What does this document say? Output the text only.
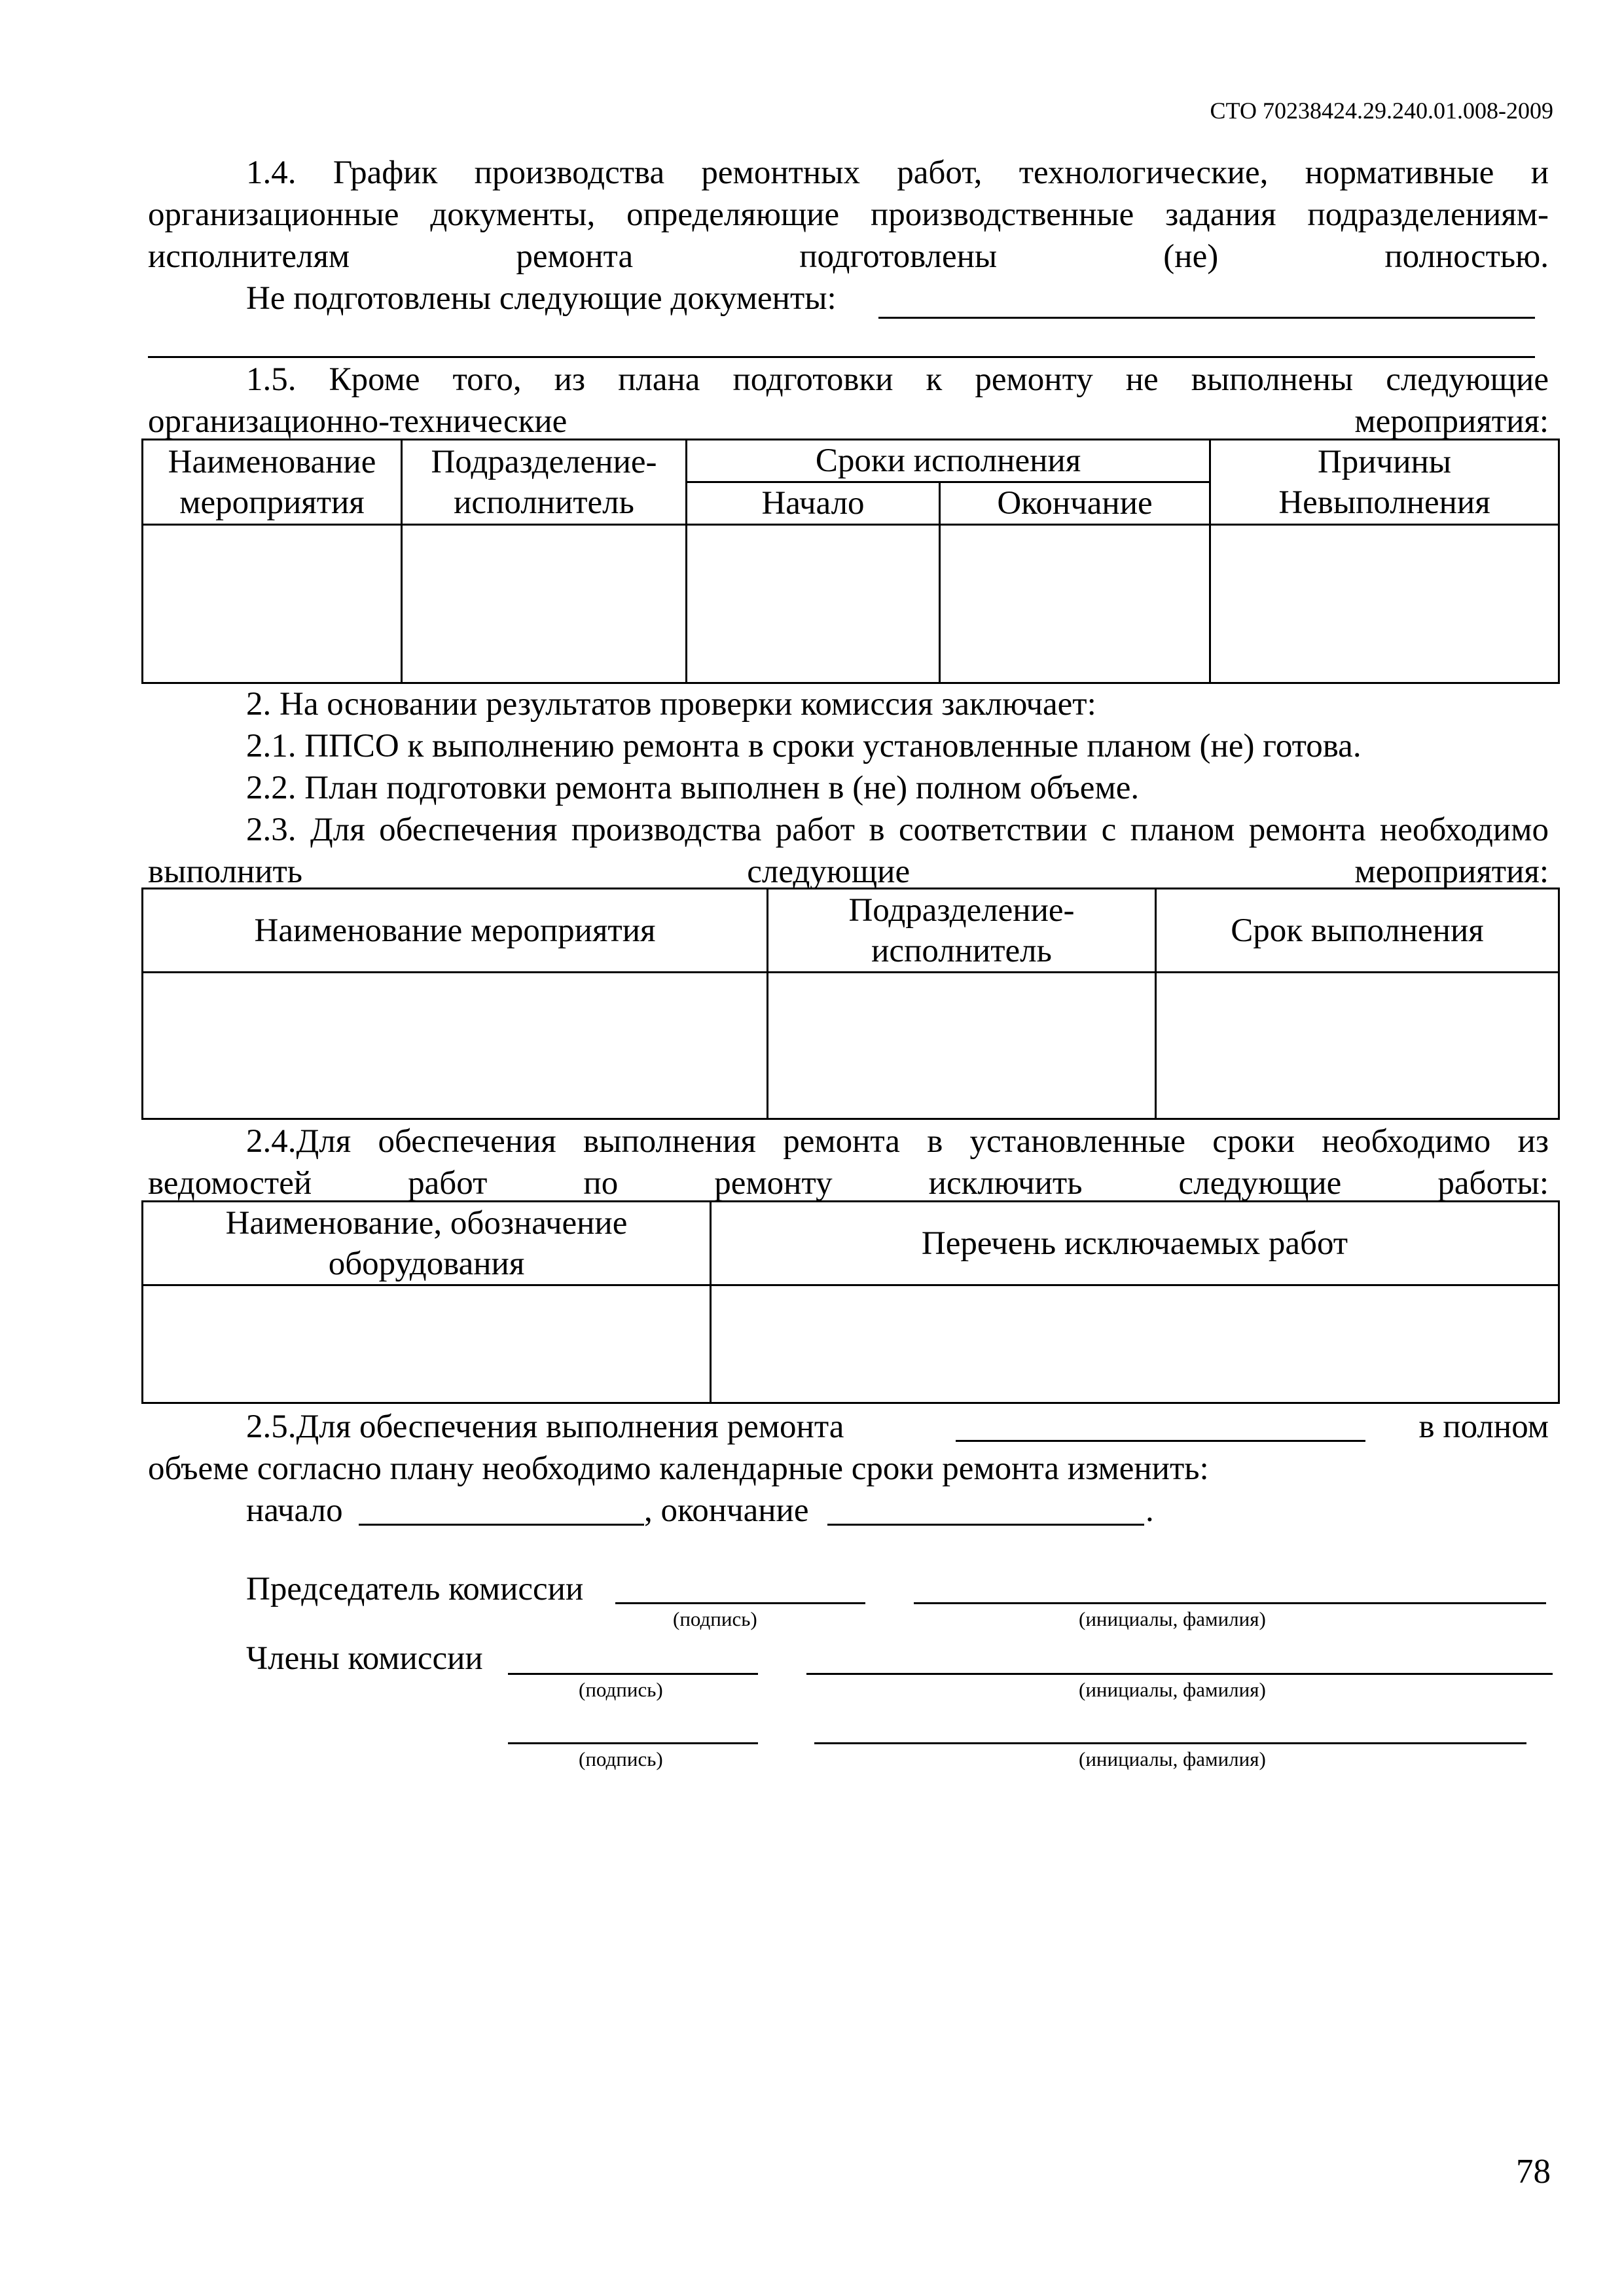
СТО 70238424.29.240.01.008-2009
1.4. График производства ремонтных работ, технологические, нормативные и организационные документы, определяющие производственные задания подразделениям-исполнителям ремонта подготовлены (не) полностью.
Не подготовлены следующие документы:
1.5. Кроме того, из плана подготовки к ремонту не выполнены следующие организационно-технические мероприятия:
Наименование мероприятия	Подразделение-исполнитель	Сроки исполнения		Причины Невыполнения
		Начало	Окончание	

2. На основании результатов проверки комиссия заключает:
2.1. ППСО к выполнению ремонта в сроки установленные планом (не) готова.
2.2. План подготовки ремонта выполнен в (не) полном объеме.
2.3. Для обеспечения производства работ в соответствии с планом ремонта необходимо выполнить следующие мероприятия:
Наименование мероприятия	Подразделение-исполнитель	Срок выполнения

2.4.Для обеспечения выполнения ремонта в установленные сроки необходимо из ведомостей работ по ремонту исключить следующие работы:
Наименование, обозначение оборудования	Перечень исключаемых работ

2.5.Для обеспечения выполнения ремонта	в полном
объеме согласно плану необходимо календарные сроки ремонта изменить:
начало	, окончание	.
Председатель комиссии
(подпись)	(инициалы, фамилия)
Члены комиссии
(подпись)	(инициалы, фамилия)
(подпись)	(инициалы, фамилия)
78
